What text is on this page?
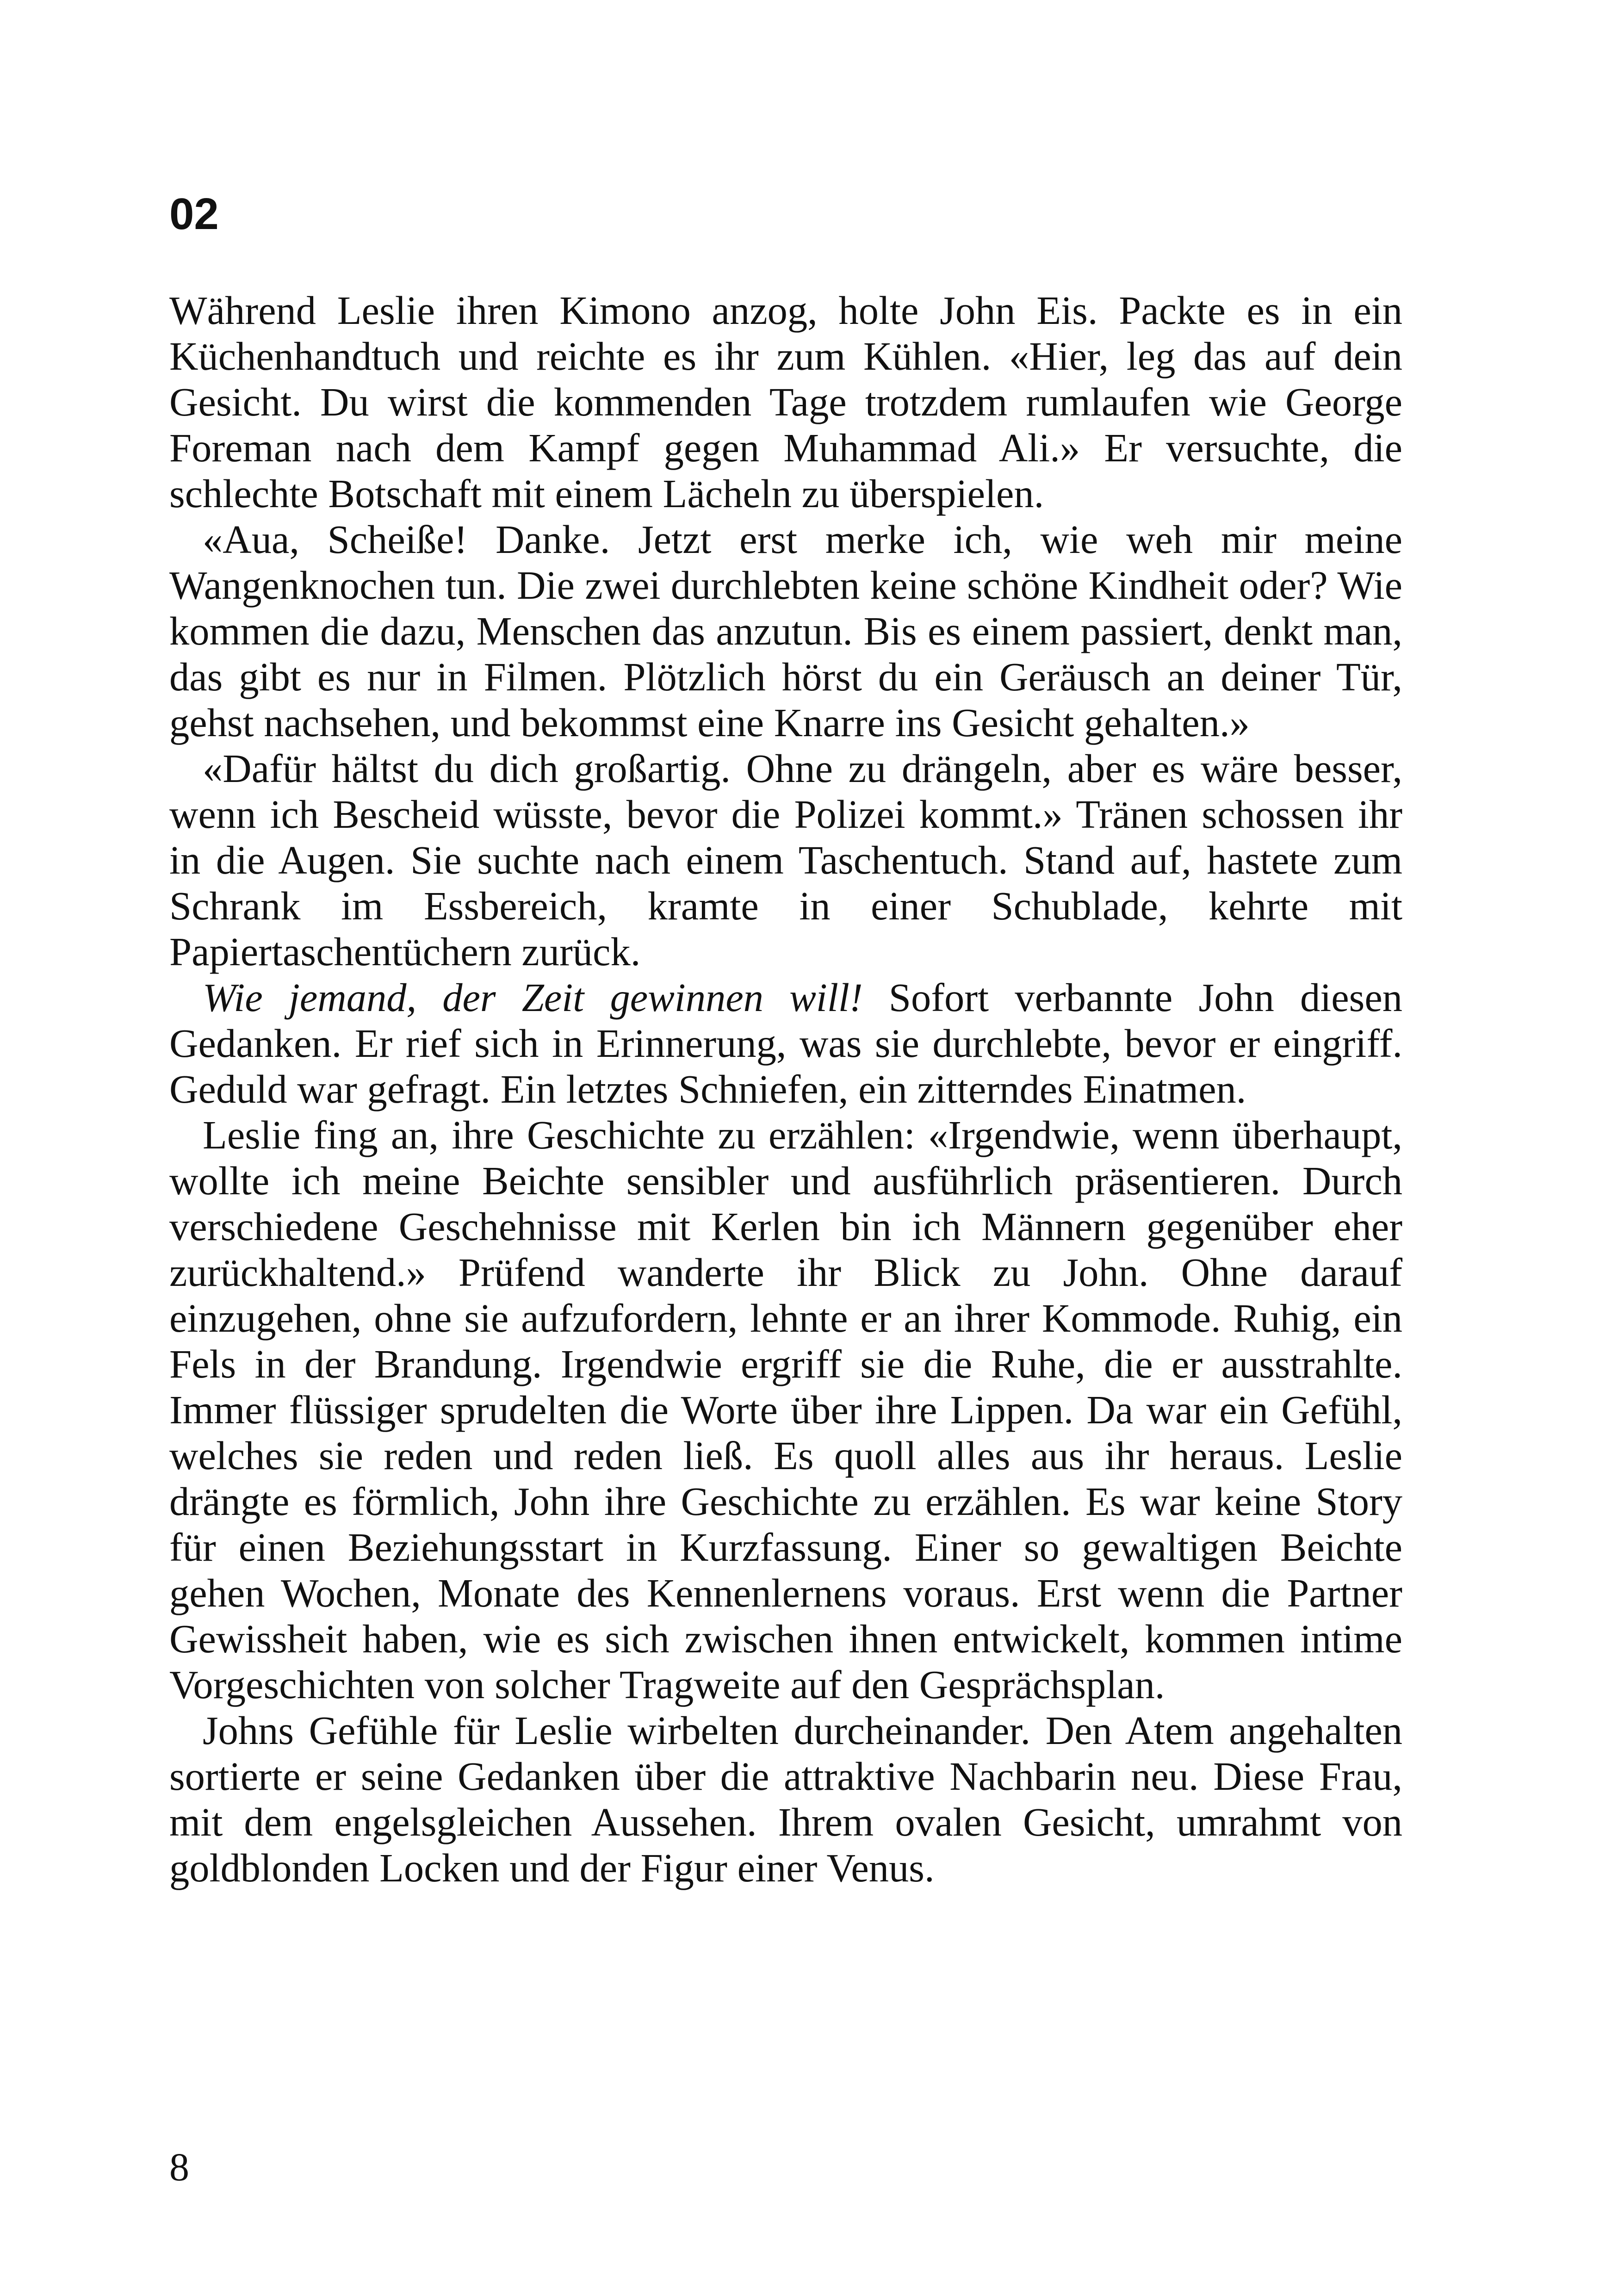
02

Während Leslie ihren Kimono anzog, holte John Eis. Packte es in ein Küchenhandtuch und reichte es ihr zum Kühlen. «Hier, leg das auf dein Gesicht. Du wirst die kommenden Tage trotzdem rumlaufen wie George Foreman nach dem Kampf gegen Muhammad Ali.» Er versuchte, die schlechte Botschaft mit einem Lächeln zu überspielen.

«Aua, Scheiße! Danke. Jetzt erst merke ich, wie weh mir meine Wangenknochen tun. Die zwei durchlebten keine schöne Kindheit oder? Wie kommen die dazu, Menschen das anzutun. Bis es einem passiert, denkt man, das gibt es nur in Filmen. Plötzlich hörst du ein Geräusch an deiner Tür, gehst nachsehen, und bekommst eine Knarre ins Gesicht gehalten.»

«Dafür hältst du dich großartig. Ohne zu drängeln, aber es wäre besser, wenn ich Bescheid wüsste, bevor die Polizei kommt.» Tränen schossen ihr in die Augen. Sie suchte nach einem Taschentuch. Stand auf, hastete zum Schrank im Essbereich, kramte in einer Schublade, kehrte mit Papiertaschentüchern zurück.

Wie jemand, der Zeit gewinnen will! Sofort verbannte John diesen Gedanken. Er rief sich in Erinnerung, was sie durchlebte, bevor er eingriff. Geduld war gefragt. Ein letztes Schniefen, ein zitterndes Einatmen.

Leslie fing an, ihre Geschichte zu erzählen: «Irgendwie, wenn überhaupt, wollte ich meine Beichte sensibler und ausführlich präsentieren. Durch verschiedene Geschehnisse mit Kerlen bin ich Männern gegenüber eher zurückhaltend.» Prüfend wanderte ihr Blick zu John. Ohne darauf einzugehen, ohne sie aufzufordern, lehnte er an ihrer Kommode. Ruhig, ein Fels in der Brandung. Irgendwie ergriff sie die Ruhe, die er ausstrahlte. Immer flüssiger sprudelten die Worte über ihre Lippen. Da war ein Gefühl, welches sie reden und reden ließ. Es quoll alles aus ihr heraus. Leslie drängte es förmlich, John ihre Geschichte zu erzählen. Es war keine Story für einen Beziehungsstart in Kurzfassung. Einer so gewaltigen Beichte gehen Wochen, Monate des Kennenlernens voraus. Erst wenn die Partner Gewissheit haben, wie es sich zwischen ihnen entwickelt, kommen intime Vorgeschichten von solcher Tragweite auf den Gesprächsplan.

Johns Gefühle für Leslie wirbelten durcheinander. Den Atem angehalten sortierte er seine Gedanken über die attraktive Nachbarin neu. Diese Frau, mit dem engelsgleichen Aussehen. Ihrem ovalen Gesicht, umrahmt von goldblonden Locken und der Figur einer Venus.

8
